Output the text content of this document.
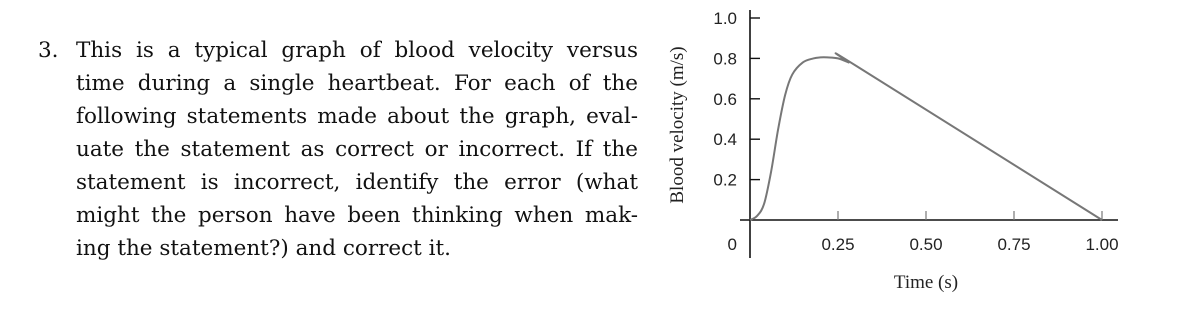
3. This is a typical graph of blood velocity versus
time during a single heartbeat. For each of the
following statements made about the graph, eval-
uate the statement as correct or incorrect. If the
statement is incorrect, identify the error (what
might the person have been thinking when mak-
ing the statement?) and correct it.
1.0
0.8
0.6
0.4
0.2
0	0.25	0.50	0.75	1.00
Blood velocity (m/s)
Time (s)
